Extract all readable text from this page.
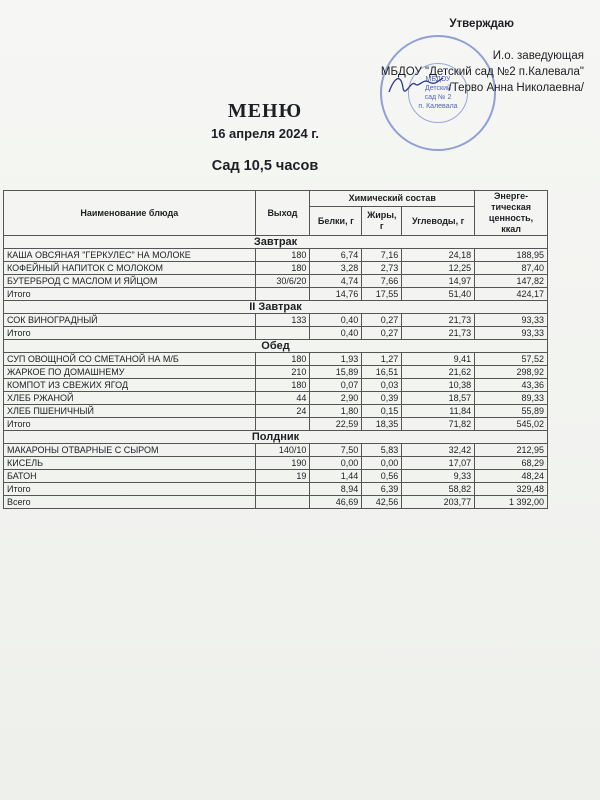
МБДОУ
Детский
сад № 2
п. Калевала
Утверждаю
И.о. заведующая
МБДОУ "Детский сад №2 п.Калевала"
/Терво Анна Николаевна/
МЕНЮ
16 апреля 2024 г.
Сад 10,5 часов
Наименование блюда	Выход	Химический состав			Энерге-тическая ценность, ккал
		Белки, г	Жиры, г	Углеводы, г	
Завтрак					
КАША ОВСЯНАЯ "ГЕРКУЛЕС" НА МОЛОКЕ	180	6,74	7,16	24,18	188,95
КОФЕЙНЫЙ НАПИТОК С МОЛОКОМ	180	3,28	2,73	12,25	87,40
БУТЕРБРОД С МАСЛОМ И ЯЙЦОМ	30/6/20	4,74	7,66	14,97	147,82
Итого		14,76	17,55	51,40	424,17
II Завтрак					
СОК ВИНОГРАДНЫЙ	133	0,40	0,27	21,73	93,33
Итого		0,40	0,27	21,73	93,33
Обед					
СУП ОВОЩНОЙ СО СМЕТАНОЙ НА М/Б	180	1,93	1,27	9,41	57,52
ЖАРКОЕ ПО ДОМАШНЕМУ	210	15,89	16,51	21,62	298,92
КОМПОТ ИЗ СВЕЖИХ ЯГОД	180	0,07	0,03	10,38	43,36
ХЛЕБ РЖАНОЙ	44	2,90	0,39	18,57	89,33
ХЛЕБ ПШЕНИЧНЫЙ	24	1,80	0,15	11,84	55,89
Итого		22,59	18,35	71,82	545,02
Полдник					
МАКАРОНЫ ОТВАРНЫЕ С СЫРОМ	140/10	7,50	5,83	32,42	212,95
КИСЕЛЬ	190	0,00	0,00	17,07	68,29
БАТОН	19	1,44	0,56	9,33	48,24
Итого		8,94	6,39	58,82	329,48
Всего		46,69	42,56	203,77	1 392,00
